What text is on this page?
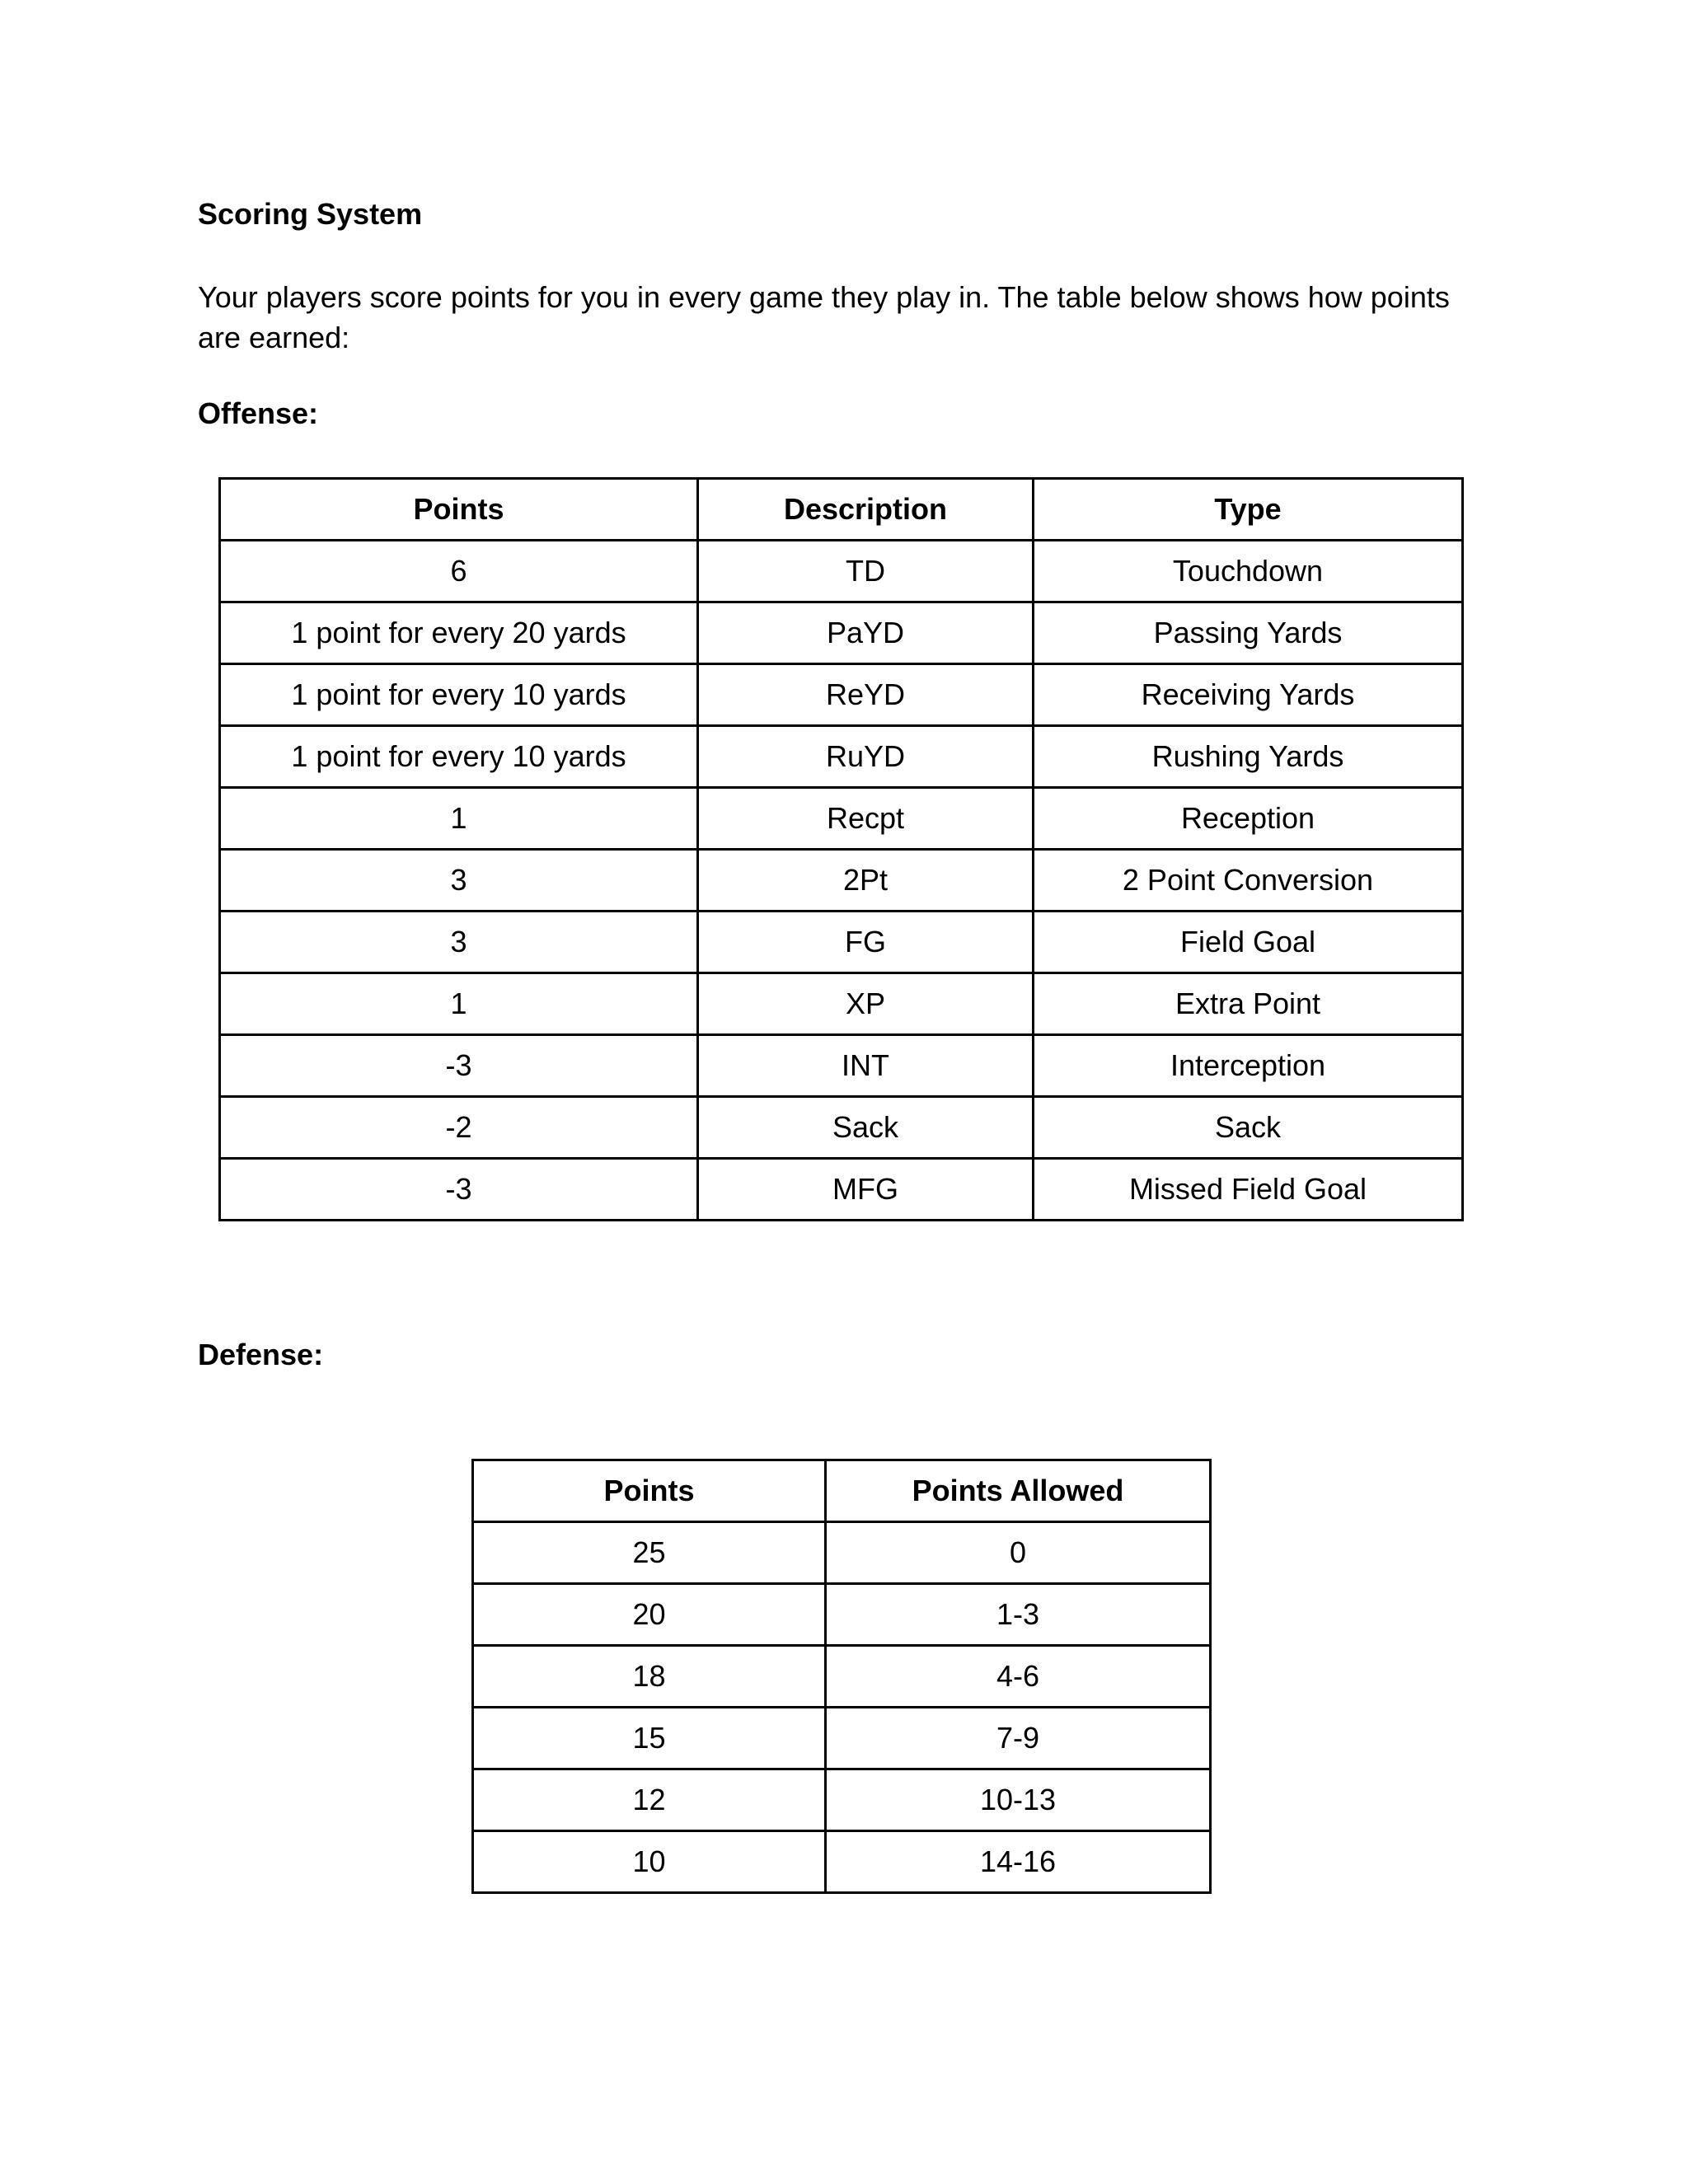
Scoring System

Your players score points for you in every game they play in. The table below shows how points are earned:

Offense:
Points	Description	Type
6	TD	Touchdown
1 point for every 20 yards	PaYD	Passing Yards
1 point for every 10 yards	ReYD	Receiving Yards
1 point for every 10 yards	RuYD	Rushing Yards
1	Recpt	Reception
3	2Pt	2 Point Conversion
3	FG	Field Goal
1	XP	Extra Point
-3	INT	Interception
-2	Sack	Sack
-3	MFG	Missed Field Goal
Defense:
Points	Points Allowed
25	0
20	1-3
18	4-6
15	7-9
12	10-13
10	14-16
